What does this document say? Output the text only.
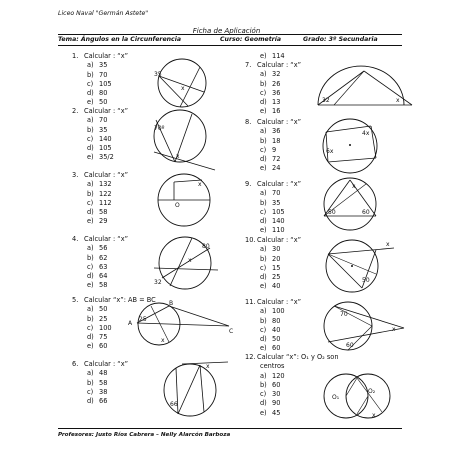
Liceo Naval "Germán Astete"
Ficha de Aplicación
Tema: Ángulos en la Circunferencia	Curso: Geometría	Grado: 3º Secundaria
1. Calcular : “x”
a) 35
b) 70
c) 105
d) 80
e) 50
35
x
2. Calcular : “x”
a) 70
b) 35
c) 140
d) 105
e) 35/2
70º
x
3. Calcular : “x”
a) 132
b) 122
c) 112
d) 58
e) 29
x
O
4. Calcular : “x”
a) 56
b) 62
c) 63
d) 64
e) 58
80
x
32
5. Calcular “x”: AB = BC
a) 50
b) 25
c) 100
d) 75
e) 60
B
A
25
C
x
6. Calcular : “x”
a) 48
b) 58
c) 38
d) 66
x
66
e) 114
7. Calcular : “x”
a) 32
b) 26
c) 36
d) 13
e) 16
32	x
8. Calcular : “x”
a) 36
b) 18
c) 9
d) 72
e) 24
4x
6x
9. Calcular : “x”
a) 70
b) 35
c) 105
d) 140
e) 110
x
50	60
10. Calcular : “x”
a) 30
b) 20
c) 15
d) 25
e) 40
x
50
11. Calcular : “x”
a) 100
b) 80
c) 40
d) 50
e) 60
70
x
60
12. Calcular “x”: O₁ y O₂ son
centros
a) 120
b) 60
c) 30
d) 90
e) 45
O₁
O₂
x
Profesores: Justo Ríos Cabrera – Nelly Alarcón Barboza
